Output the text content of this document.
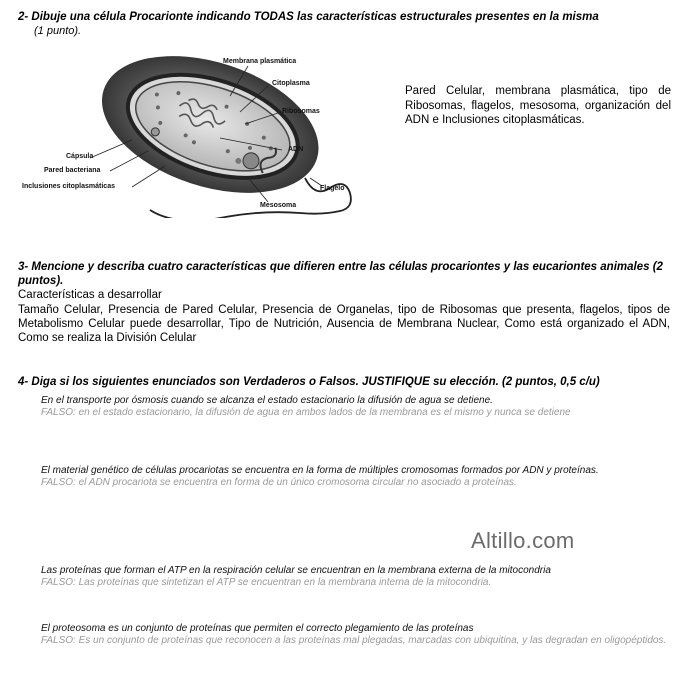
2- Dibuje una célula Procarionte indicando TODAS las características estructurales presentes en la misma
(1 punto).
Membrana plasmática
Citoplasma
Ribosomas
ADN
Cápsula
Pared bacteriana
Inclusiones citoplasmáticas	Flagelo
Mesosoma
Pared Celular, membrana plasmática, tipo de Ribosomas, flagelos, mesosoma, organización del ADN e Inclusiones citoplasmáticas.
3- Mencione y describa cuatro características que difieren entre las células procariontes y las eucariontes animales (2 puntos).
Características a desarrollar
Tamaño Celular, Presencia de Pared Celular, Presencia de Organelas, tipo de Ribosomas que presenta, flagelos, tipos de Metabolismo Celular puede desarrollar, Tipo de Nutrición, Ausencia de Membrana Nuclear, Como está organizado el ADN, Como se realiza la División Celular
4- Diga si los siguientes enunciados son Verdaderos o Falsos. JUSTIFIQUE su elección. (2 puntos, 0,5 c/u)
En el transporte por ósmosis cuando se alcanza el estado estacionario la difusión de agua se detiene.
FALSO: en el estado estacionario, la difusión de agua en ambos lados de la membrana es el mismo y nunca se detiene
El material genético de células procariotas se encuentra en la forma de múltiples cromosomas formados por ADN y proteínas.
FALSO: el ADN procariota se encuentra en forma de un único cromosoma circular no asociado a proteínas.
Altillo.com
Las proteínas que forman el ATP en la respiración celular se encuentran en la membrana externa de la mitocondria
FALSO: Las proteínas que sintetizan el ATP se encuentran en la membrana interna de la mitocondria.
El proteosoma es un conjunto de proteínas que permiten el correcto plegamiento de las proteínas
FALSO: Es un conjunto de proteínas que reconocen a las proteínas mal plegadas, marcadas con ubiquitina, y las degradan en oligopéptidos.
